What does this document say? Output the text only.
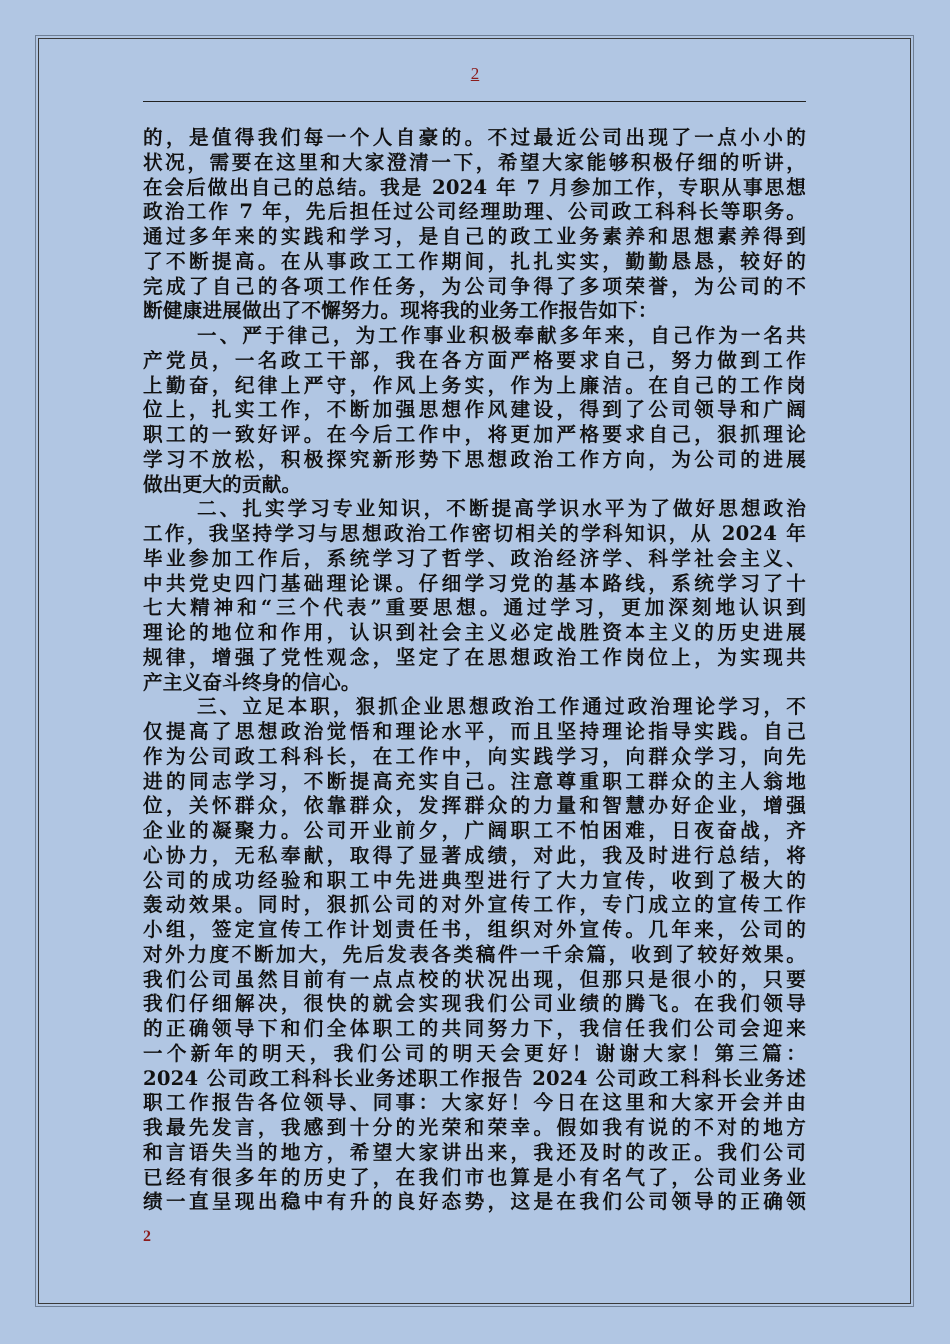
2
的，是值得我们每一个人自豪的。不过最近公司出现了一点小小的
状况，需要在这里和大家澄清一下，希望大家能够积极仔细的听讲，
在会后做出自己的总结。我是 2024 年 7 月参加工作，专职从事思想
政治工作 7 年，先后担任过公司经理助理、公司政工科科长等职务。
通过多年来的实践和学习，是自己的政工业务素养和思想素养得到
了不断提高。在从事政工工作期间，扎扎实实，勤勤恳恳，较好的
完成了自己的各项工作任务，为公司争得了多项荣誉，为公司的不
断健康进展做出了不懈努力。现将我的业务工作报告如下：
一、严于律己，为工作事业积极奉献多年来，自己作为一名共
产党员，一名政工干部，我在各方面严格要求自己，努力做到工作
上勤奋，纪律上严守，作风上务实，作为上廉洁。在自己的工作岗
位上，扎实工作，不断加强思想作风建设，得到了公司领导和广阔
职工的一致好评。在今后工作中，将更加严格要求自己，狠抓理论
学习不放松，积极探究新形势下思想政治工作方向，为公司的进展
做出更大的贡献。
二、扎实学习专业知识，不断提高学识水平为了做好思想政治
工作，我坚持学习与思想政治工作密切相关的学科知识，从 2024 年
毕业参加工作后，系统学习了哲学、政治经济学、科学社会主义、
中共党史四门基础理论课。仔细学习党的基本路线，系统学习了十
七大精神和“三个代表”重要思想。通过学习，更加深刻地认识到
理论的地位和作用，认识到社会主义必定战胜资本主义的历史进展
规律，增强了党性观念，坚定了在思想政治工作岗位上，为实现共
产主义奋斗终身的信心。
三、立足本职，狠抓企业思想政治工作通过政治理论学习，不
仅提高了思想政治觉悟和理论水平，而且坚持理论指导实践。自己
作为公司政工科科长，在工作中，向实践学习，向群众学习，向先
进的同志学习，不断提高充实自己。注意尊重职工群众的主人翁地
位，关怀群众，依靠群众，发挥群众的力量和智慧办好企业，增强
企业的凝聚力。公司开业前夕，广阔职工不怕困难，日夜奋战，齐
心协力，无私奉献，取得了显著成绩，对此，我及时进行总结，将
公司的成功经验和职工中先进典型进行了大力宣传，收到了极大的
轰动效果。同时，狠抓公司的对外宣传工作，专门成立的宣传工作
小组，签定宣传工作计划责任书，组织对外宣传。几年来，公司的
对外力度不断加大，先后发表各类稿件一千余篇，收到了较好效果。
我们公司虽然目前有一点点校的状况出现，但那只是很小的，只要
我们仔细解决，很快的就会实现我们公司业绩的腾飞。在我们领导
的正确领导下和们全体职工的共同努力下，我信任我们公司会迎来
一个新年的明天，我们公司的明天会更好！谢谢大家！第三篇：
2024 公司政工科科长业务述职工作报告 2024 公司政工科科长业务述
职工作报告各位领导、同事：大家好！今日在这里和大家开会并由
我最先发言，我感到十分的光荣和荣幸。假如我有说的不对的地方
和言语失当的地方，希望大家讲出来，我还及时的改正。我们公司
已经有很多年的历史了，在我们市也算是小有名气了，公司业务业
绩一直呈现出稳中有升的良好态势，这是在我们公司领导的正确领
2
